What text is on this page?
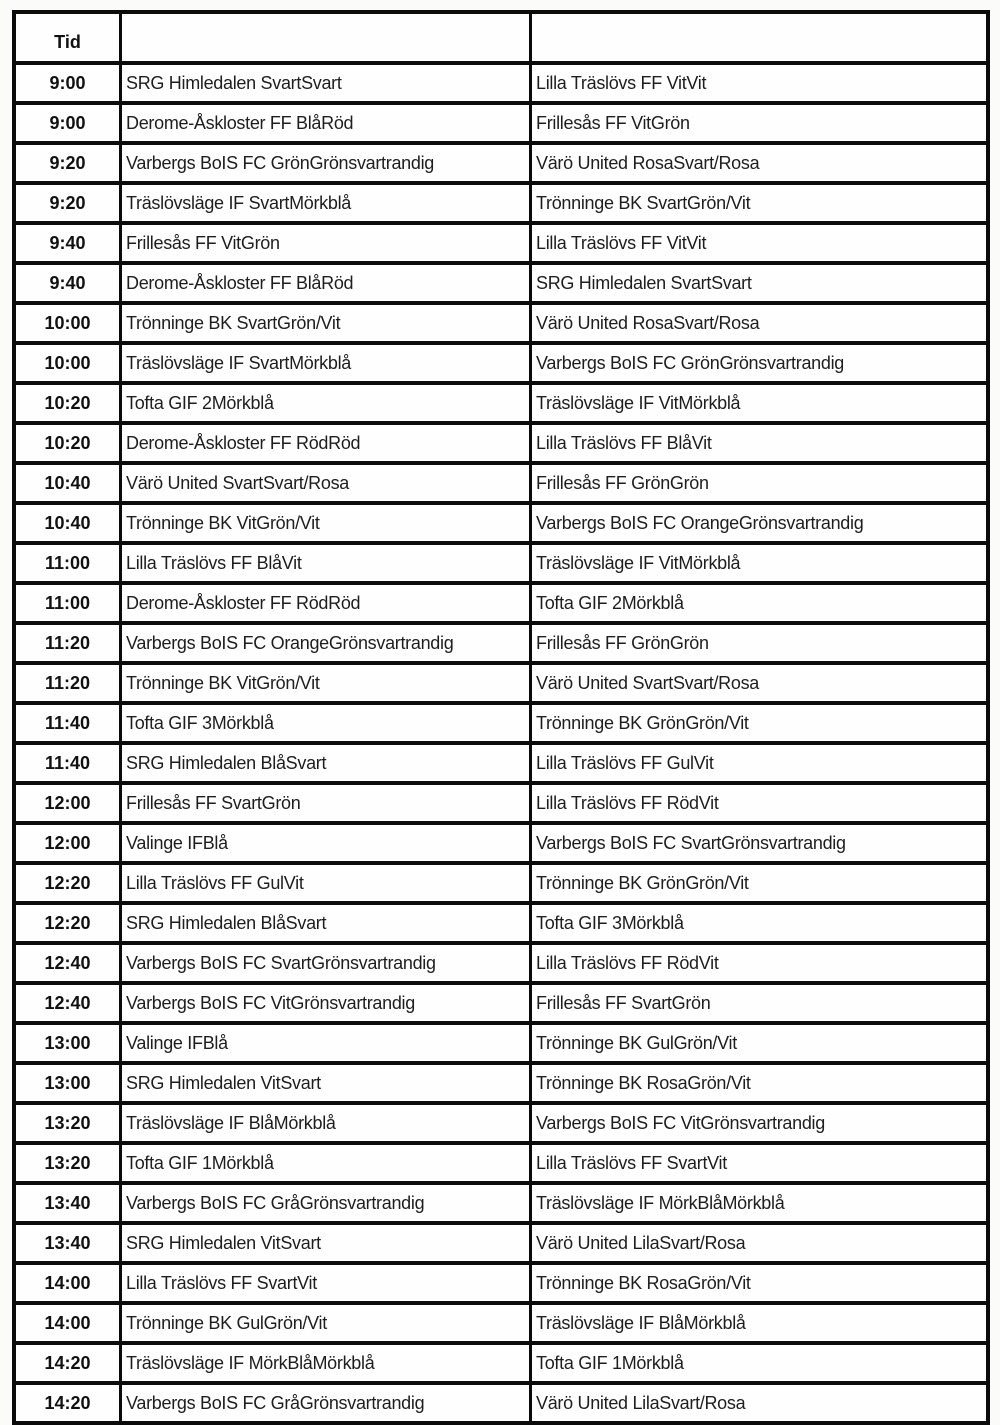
Tid
9:00	SRG Himledalen SvartSvart	Lilla Träslövs FF VitVit
9:00	Derome-Åskloster FF BlåRöd	Frillesås FF VitGrön
9:20	Varbergs BoIS FC GrönGrönsvartrandig	Värö United RosaSvart/Rosa
9:20	Träslövsläge IF SvartMörkblå	Trönninge BK SvartGrön/Vit
9:40	Frillesås FF VitGrön	Lilla Träslövs FF VitVit
9:40	Derome-Åskloster FF BlåRöd	SRG Himledalen SvartSvart
10:00	Trönninge BK SvartGrön/Vit	Värö United RosaSvart/Rosa
10:00	Träslövsläge IF SvartMörkblå	Varbergs BoIS FC GrönGrönsvartrandig
10:20	Tofta GIF 2Mörkblå	Träslövsläge IF VitMörkblå
10:20	Derome-Åskloster FF RödRöd	Lilla Träslövs FF BlåVit
10:40	Värö United SvartSvart/Rosa	Frillesås FF GrönGrön
10:40	Trönninge BK VitGrön/Vit	Varbergs BoIS FC OrangeGrönsvartrandig
11:00	Lilla Träslövs FF BlåVit	Träslövsläge IF VitMörkblå
11:00	Derome-Åskloster FF RödRöd	Tofta GIF 2Mörkblå
11:20	Varbergs BoIS FC OrangeGrönsvartrandig	Frillesås FF GrönGrön
11:20	Trönninge BK VitGrön/Vit	Värö United SvartSvart/Rosa
11:40	Tofta GIF 3Mörkblå	Trönninge BK GrönGrön/Vit
11:40	SRG Himledalen BlåSvart	Lilla Träslövs FF GulVit
12:00	Frillesås FF SvartGrön	Lilla Träslövs FF RödVit
12:00	Valinge IFBlå	Varbergs BoIS FC SvartGrönsvartrandig
12:20	Lilla Träslövs FF GulVit	Trönninge BK GrönGrön/Vit
12:20	SRG Himledalen BlåSvart	Tofta GIF 3Mörkblå
12:40	Varbergs BoIS FC SvartGrönsvartrandig	Lilla Träslövs FF RödVit
12:40	Varbergs BoIS FC VitGrönsvartrandig	Frillesås FF SvartGrön
13:00	Valinge IFBlå	Trönninge BK GulGrön/Vit
13:00	SRG Himledalen VitSvart	Trönninge BK RosaGrön/Vit
13:20	Träslövsläge IF BlåMörkblå	Varbergs BoIS FC VitGrönsvartrandig
13:20	Tofta GIF 1Mörkblå	Lilla Träslövs FF SvartVit
13:40	Varbergs BoIS FC GråGrönsvartrandig	Träslövsläge IF MörkBlåMörkblå
13:40	SRG Himledalen VitSvart	Värö United LilaSvart/Rosa
14:00	Lilla Träslövs FF SvartVit	Trönninge BK RosaGrön/Vit
14:00	Trönninge BK GulGrön/Vit	Träslövsläge IF BlåMörkblå
14:20	Träslövsläge IF MörkBlåMörkblå	Tofta GIF 1Mörkblå
14:20	Varbergs BoIS FC GråGrönsvartrandig	Värö United LilaSvart/Rosa
